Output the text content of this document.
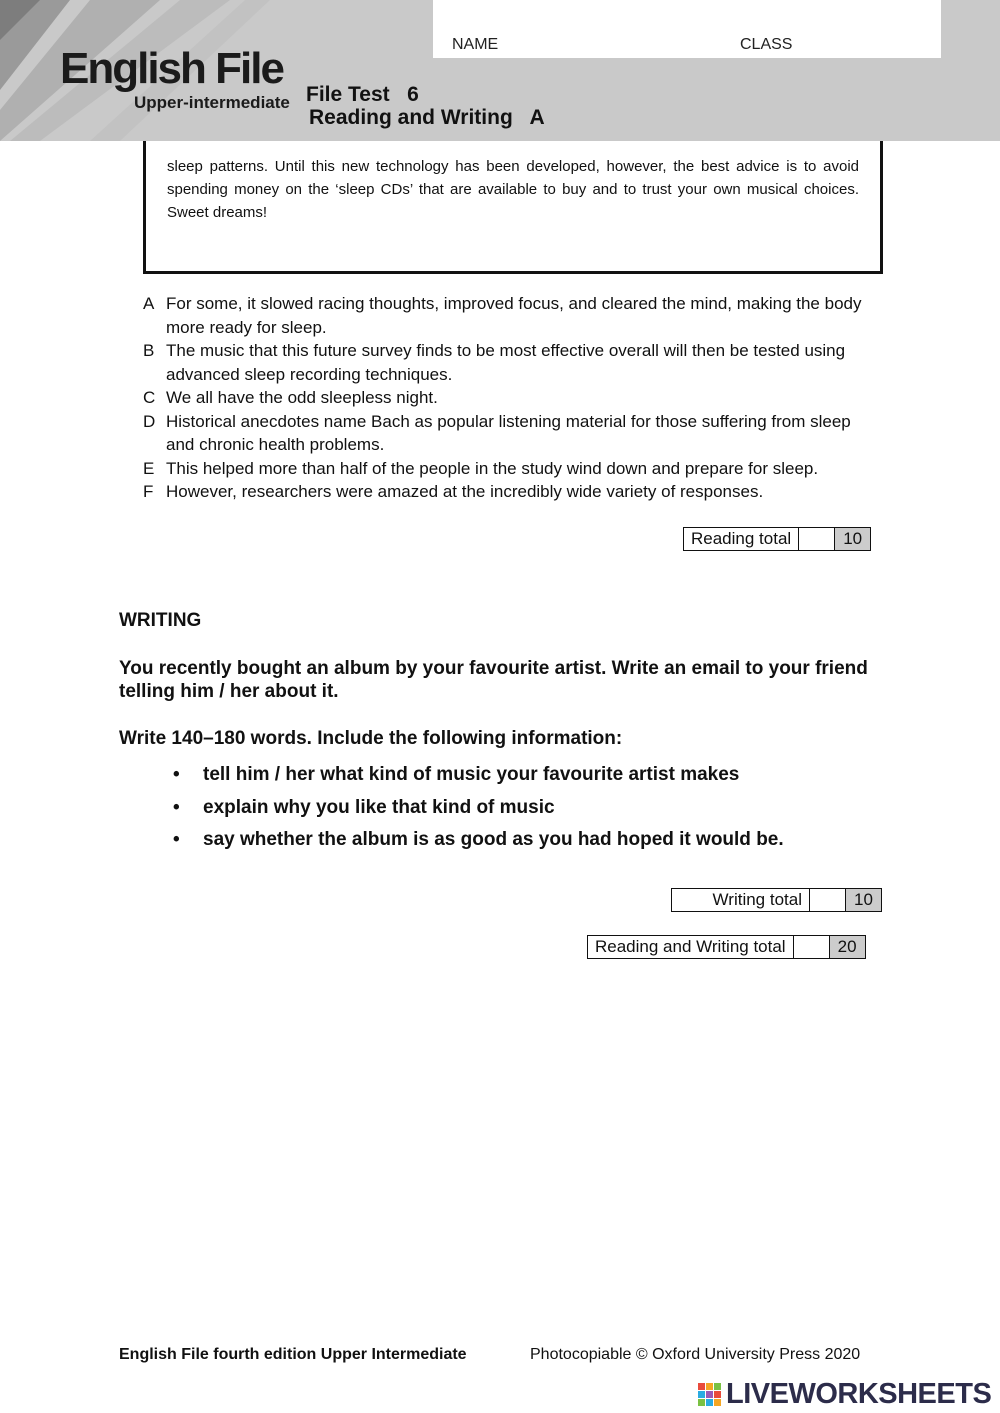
NAME	CLASS
English File
Upper-intermediate File Test   6
Reading and Writing   A

sleep patterns. Until this new technology has been developed, however, the best advice is to avoid spending money on the ‘sleep CDs’ that are available to buy and to trust your own musical choices. Sweet dreams!

A For some, it slowed racing thoughts, improved focus, and cleared the mind, making the body more ready for sleep.
B The music that this future survey finds to be most effective overall will then be tested using advanced sleep recording techniques.
C We all have the odd sleepless night.
D Historical anecdotes name Bach as popular listening material for those suffering from sleep and chronic health problems.
E This helped more than half of the people in the study wind down and prepare for sleep.
F However, researchers were amazed at the incredibly wide variety of responses.
Reading total	10
WRITING

You recently bought an album by your favourite artist. Write an email to your friend telling him / her about it.

Write 140–180 words. Include the following information:
•	tell him / her what kind of music your favourite artist makes
•	explain why you like that kind of music
•	say whether the album is as good as you had hoped it would be.
Writing total	10
Reading and Writing total	20
English File fourth edition Upper Intermediate	Photocopiable © Oxford University Press 2020
LIVEWORKSHEETS
